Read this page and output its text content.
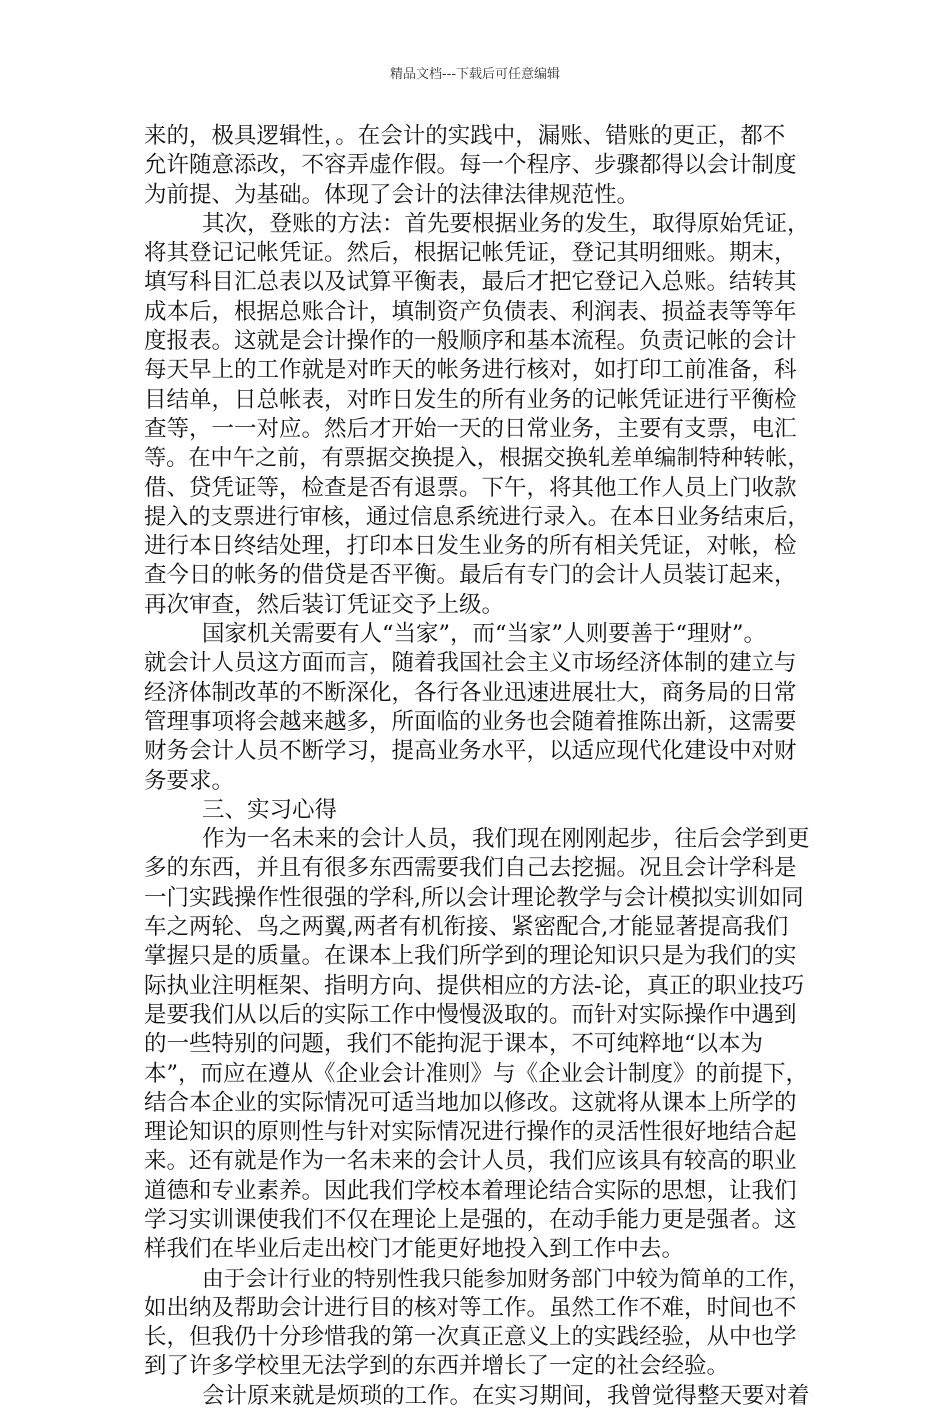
精品文档---下载后可任意编辑
来的，极具逻辑性，。在会计的实践中，漏账、错账的更正，都不
允许随意添改，不容弄虚作假。每一个程序、步骤都得以会计制度
为前提、为基础。体现了会计的法律法律规范性。
其次，登账的方法：首先要根据业务的发生，取得原始凭证，
将其登记记帐凭证。然后，根据记帐凭证，登记其明细账。期末，
填写科目汇总表以及试算平衡表，最后才把它登记入总账。结转其
成本后，根据总账合计，填制资产负债表、利润表、损益表等等年
度报表。这就是会计操作的一般顺序和基本流程。负责记帐的会计
每天早上的工作就是对昨天的帐务进行核对，如打印工前准备，科
目结单，日总帐表，对昨日发生的所有业务的记帐凭证进行平衡检
查等，一一对应。然后才开始一天的日常业务，主要有支票，电汇
等。在中午之前，有票据交换提入，根据交换轧差单编制特种转帐，
借、贷凭证等，检查是否有退票。下午，将其他工作人员上门收款
提入的支票进行审核，通过信息系统进行录入。在本日业务结束后，
进行本日终结处理，打印本日发生业务的所有相关凭证，对帐，检
查今日的帐务的借贷是否平衡。最后有专门的会计人员装订起来，
再次审查，然后装订凭证交予上级。
国家机关需要有人“当家”，而“当家”人则要善于“理财”。
就会计人员这方面而言，随着我国社会主义市场经济体制的建立与
经济体制改革的不断深化，各行各业迅速进展壮大，商务局的日常
管理事项将会越来越多，所面临的业务也会随着推陈出新，这需要
财务会计人员不断学习，提高业务水平，以适应现代化建设中对财
务要求。
三、实习心得
作为一名未来的会计人员，我们现在刚刚起步，往后会学到更
多的东西，并且有很多东西需要我们自己去挖掘。况且会计学科是
一门实践操作性很强的学科,所以会计理论教学与会计模拟实训如同
车之两轮、鸟之两翼,两者有机衔接、紧密配合,才能显著提高我们
掌握只是的质量。在课本上我们所学到的理论知识只是为我们的实
际执业注明框架、指明方向、提供相应的方法-论，真正的职业技巧
是要我们从以后的实际工作中慢慢汲取的。而针对实际操作中遇到
的一些特别的问题，我们不能拘泥于课本，不可纯粹地“以本为
本”，而应在遵从《企业会计准则》与《企业会计制度》的前提下，
结合本企业的实际情况可适当地加以修改。这就将从课本上所学的
理论知识的原则性与针对实际情况进行操作的灵活性很好地结合起
来。还有就是作为一名未来的会计人员，我们应该具有较高的职业
道德和专业素养。因此我们学校本着理论结合实际的思想，让我们
学习实训课使我们不仅在理论上是强的，在动手能力更是强者。这
样我们在毕业后走出校门才能更好地投入到工作中去。
由于会计行业的特别性我只能参加财务部门中较为简单的工作，
如出纳及帮助会计进行目的核对等工作。虽然工作不难，时间也不
长，但我仍十分珍惜我的第一次真正意义上的实践经验，从中也学
到了许多学校里无法学到的东西并增长了一定的社会经验。
会计原来就是烦琐的工作。在实习期间，我曾觉得整天要对着
